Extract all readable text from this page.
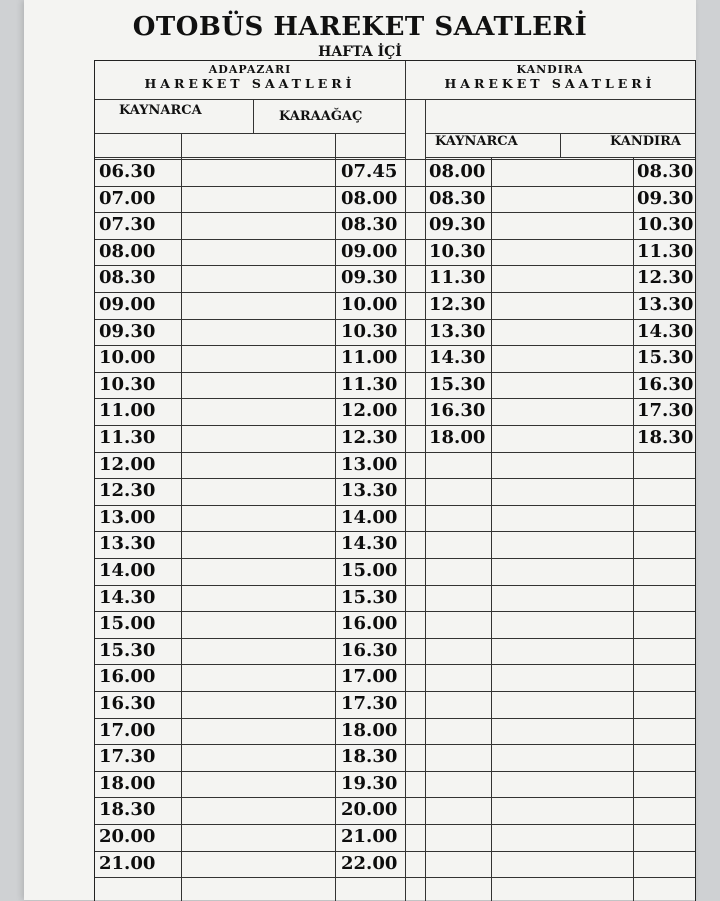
OTOBÜS HAREKET SAATLERİ
HAFTA İÇİ
ADAPAZARI
HAREKET SAATLERİ
KANDIRA
HAREKET SAATLERİ
KAYNARCA	KARAAĞAÇ
KAYNARCA	KANDIRA
06.30
07.00
07.30
08.00
08.30
09.00
09.30
10.00
10.30
11.00
11.30
12.00
12.30
13.00
13.30
14.00
14.30
15.00
15.30
16.00
16.30
17.00
17.30
18.00
18.30
20.00
21.00
07.45
08.00
08.30
09.00
09.30
10.00
10.30
11.00
11.30
12.00
12.30
13.00
13.30
14.00
14.30
15.00
15.30
16.00
16.30
17.00
17.30
18.00
18.30
19.30
20.00
21.00
22.00
08.00
08.30
09.30
10.30
11.30
12.30
13.30
14.30
15.30
16.30
18.00
08.30
09.30
10.30
11.30
12.30
13.30
14.30
15.30
16.30
17.30
18.30
